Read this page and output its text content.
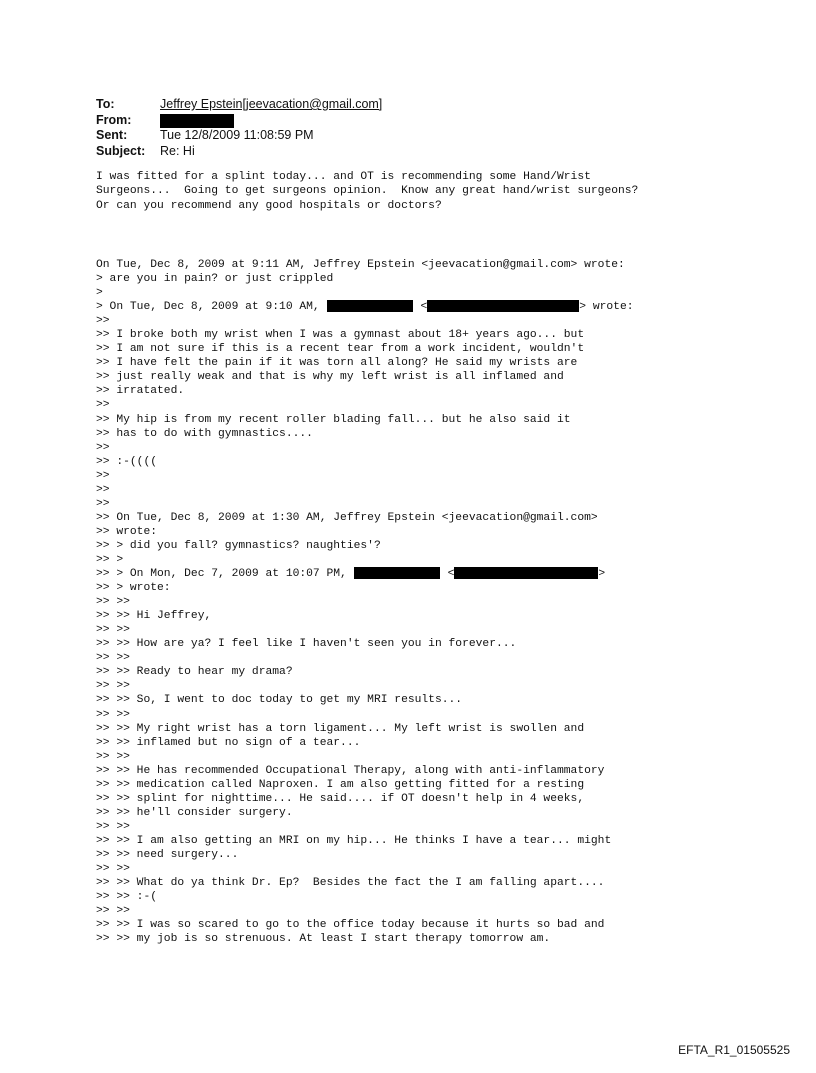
To:	Jeffrey Epstein[jeevacation@gmail.com]
From:
Sent:	Tue 12/8/2009 11:08:59 PM
Subject:	Re: Hi
I was fitted for a splint today... and OT is recommending some Hand/Wrist
Surgeons...  Going to get surgeons opinion.  Know any great hand/wrist surgeons?
Or can you recommend any good hospitals or doctors?
On Tue, Dec 8, 2009 at 9:11 AM, Jeffrey Epstein <jeevacation@gmail.com> wrote:
> are you in pain? or just crippled
>
> On Tue, Dec 8, 2009 at 9:10 AM,	<	> wrote:
>>
>> I broke both my wrist when I was a gymnast about 18+ years ago... but
>> I am not sure if this is a recent tear from a work incident, wouldn't
>> I have felt the pain if it was torn all along? He said my wrists are
>> just really weak and that is why my left wrist is all inflamed and
>> irratated.
>>
>> My hip is from my recent roller blading fall... but he also said it
>> has to do with gymnastics....
>>
>> :-((((
>>
>>
>>
>> On Tue, Dec 8, 2009 at 1:30 AM, Jeffrey Epstein <jeevacation@gmail.com>
>> wrote:
>> > did you fall? gymnastics? naughties'?
>> >
>> > On Mon, Dec 7, 2009 at 10:07 PM,	<	>
>> > wrote:
>> >>
>> >> Hi Jeffrey,
>> >>
>> >> How are ya? I feel like I haven't seen you in forever...
>> >>
>> >> Ready to hear my drama?
>> >>
>> >> So, I went to doc today to get my MRI results...
>> >>
>> >> My right wrist has a torn ligament... My left wrist is swollen and
>> >> inflamed but no sign of a tear...
>> >>
>> >> He has recommended Occupational Therapy, along with anti-inflammatory
>> >> medication called Naproxen. I am also getting fitted for a resting
>> >> splint for nighttime... He said.... if OT doesn't help in 4 weeks,
>> >> he'll consider surgery.
>> >>
>> >> I am also getting an MRI on my hip... He thinks I have a tear... might
>> >> need surgery...
>> >>
>> >> What do ya think Dr. Ep?  Besides the fact the I am falling apart....
>> >> :-(
>> >>
>> >> I was so scared to go to the office today because it hurts so bad and
>> >> my job is so strenuous. At least I start therapy tomorrow am.
EFTA_R1_01505525
